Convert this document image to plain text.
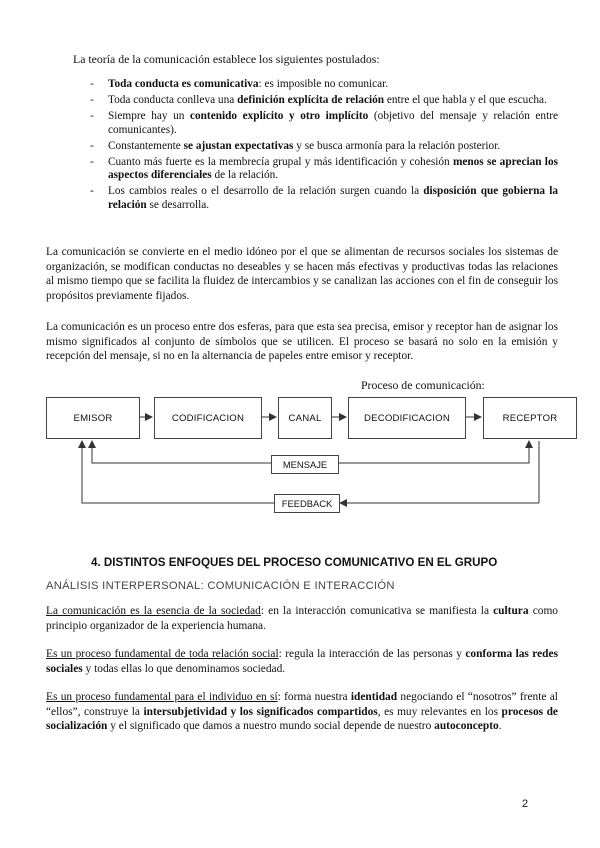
La teoría de la comunicación establece los siguientes postulados:

- Toda conducta es comunicativa: es imposible no comunicar.
- Toda conducta conlleva una definición explícita de relación entre el que habla y el que escucha.
- Siempre hay un contenido explícito y otro implícito (objetivo del mensaje y relación entre comunicantes).
- Constantemente se ajustan expectativas y se busca armonía para la relación posterior.
- Cuanto más fuerte es la membrecía grupal y más identificación y cohesión menos se aprecian los aspectos diferenciales de la relación.
- Los cambios reales o el desarrollo de la relación surgen cuando la disposición que gobierna la relación se desarrolla.

La comunicación se convierte en el medio idóneo por el que se alimentan de recursos sociales los sistemas de organización, se modifican conductas no deseables y se hacen más efectivas y productivas todas las relaciones al mismo tiempo que se facilita la fluidez de intercambios y se canalizan las acciones con el fin de conseguir los propósitos previamente fijados.

La comunicación es un proceso entre dos esferas, para que esta sea precisa, emisor y receptor han de asignar los mismo significados al conjunto de símbolos que se utilicen. El proceso se basará no solo en la emisión y recepción del mensaje, si no en la alternancia de papeles entre emisor y receptor.

Proceso de comunicación:
EMISOR	CODIFICACION	CANAL	DECODIFICACION	RECEPTOR
MENSAJE
FEEDBACK
4. DISTINTOS ENFOQUES DEL PROCESO COMUNICATIVO EN EL GRUPO
ANÁLISIS INTERPERSONAL: COMUNICACIÓN E INTERACCIÓN

La comunicación es la esencia de la sociedad: en la interacción comunicativa se manifiesta la cultura como principio organizador de la experiencia humana.

Es un proceso fundamental de toda relación social: regula la interacción de las personas y conforma las redes sociales y todas ellas lo que denominamos sociedad.

Es un proceso fundamental para el individuo en sí: forma nuestra identidad negociando el “nosotros” frente al “ellos”, construye la intersubjetividad y los significados compartidos, es muy relevantes en los procesos de socialización y el significado que damos a nuestro mundo social depende de nuestro autoconcepto.

2
